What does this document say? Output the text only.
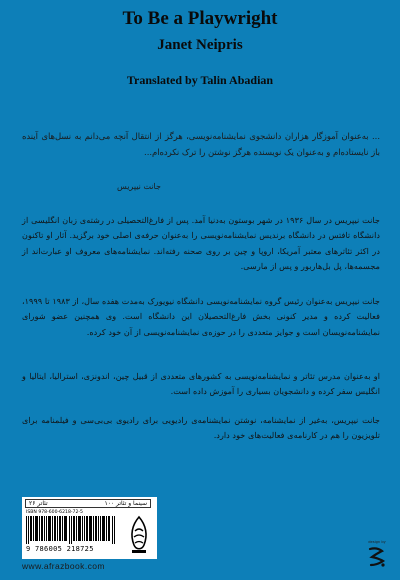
To Be a Playwright
Janet Neipris
Translated by Talin Abadian
... به‌عنوان آموزگار هزاران دانشجوی نمایشنامه‌نویسی، هرگز از انتقال آنچه می‌دانم به نسل‌های آینده باز نایستاده‌ام و به‌عنوان یک نویسنده هرگز نوشتن را ترک نکرده‌ام...
جانت نیپریس
جانت نیپریس در سال ۱۹۳۶ در شهر بوستون به‌دنیا آمد. پس از فارغ‌التحصیلی در رشته‌ی زبان انگلیسی از دانشگاه تافتس در دانشگاه برندیس نمایشنامه‌نویسی را به‌عنوان حرفه‌ی اصلی خود برگزید. آثار او تاکنون در اکثر تئاترهای معتبر آمریکا، اروپا و چین بر روی صحنه رفته‌اند. نمایشنامه‌های معروف او عبارت‌اند از مجسمه‌ها، پل بل‌هاربور و پس از مارسی.
جانت نیپریس به‌عنوان رئیس گروه نمایشنامه‌نویسی دانشگاه نیویورک به‌مدت هفده سال، از ۱۹۸۳ تا ۱۹۹۹، فعالیت کرده و مدیر کنونی بخش فارغ‌التحصیلان این دانشگاه است. وی همچنین عضو شورای نمایشنامه‌نویسان است و جوایز متعددی را در حوزه‌ی نمایشنامه‌نویسی از آن خود کرده.
او به‌عنوان مدرس تئاتر و نمایشنامه‌نویسی به کشورهای متعددی از قبیل چین، اندونزی، استرالیا، ایتالیا و انگلیس سفر کرده و دانشجویان بسیاری را آموزش داده است.
جانت نیپریس، به‌غیر از نمایشنامه، نوشتن نمایشنامه‌ی رادیویی برای رادیوی بی‌بی‌سی و فیلمنامه برای تلویزیون را هم در کارنامه‌ی فعالیت‌های خود دارد.
سینما و تئاتر ۱۰۰
تئاتر ۲۶
ISBN 978-600-6218-72-5
9 786005 218725
www.afrazbook.com
design by
